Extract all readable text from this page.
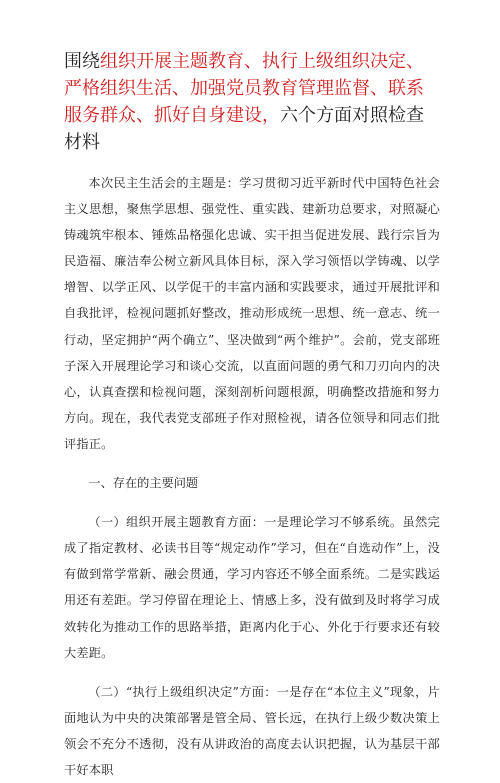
围绕组织开展主题教育、执行上级组织决定、严格组织生活、加强党员教育管理监督、联系服务群众、抓好自身建设，六个方面对照检查材料

本次民主生活会的主题是：学习贯彻习近平新时代中国特色社会主义思想，聚焦学思想、强党性、重实践、建新功总要求，对照凝心铸魂筑牢根本、锤炼品格强化忠诚、实干担当促进发展、践行宗旨为民造福、廉洁奉公树立新风具体目标，深入学习领悟以学铸魂、以学增智、以学正风、以学促干的丰富内涵和实践要求，通过开展批评和自我批评，检视问题抓好整改，推动形成统一思想、统一意志、统一行动，坚定拥护“两个确立”、坚决做到“两个维护”。会前，党支部班子深入开展理论学习和谈心交流，以直面问题的勇气和刀刃向内的决心，认真查摆和检视问题，深刻剖析问题根源，明确整改措施和努力方向。现在，我代表党支部班子作对照检视，请各位领导和同志们批评指正。

一、存在的主要问题

（一）组织开展主题教育方面：一是理论学习不够系统。虽然完成了指定教材、必读书目等“规定动作”学习，但在“自选动作”上，没有做到常学常新、融会贯通，学习内容还不够全面系统。二是实践运用还有差距。学习停留在理论上、情感上多，没有做到及时将学习成效转化为推动工作的思路举措，距离内化于心、外化于行要求还有较大差距。

（二）“执行上级组织决定”方面：一是存在“本位主义”现象，片面地认为中央的决策部署是管全局、管长远，在执行上级少数决策上领会不充分不透彻，没有从讲政治的高度去认识把握，认为基层干部干好本职
